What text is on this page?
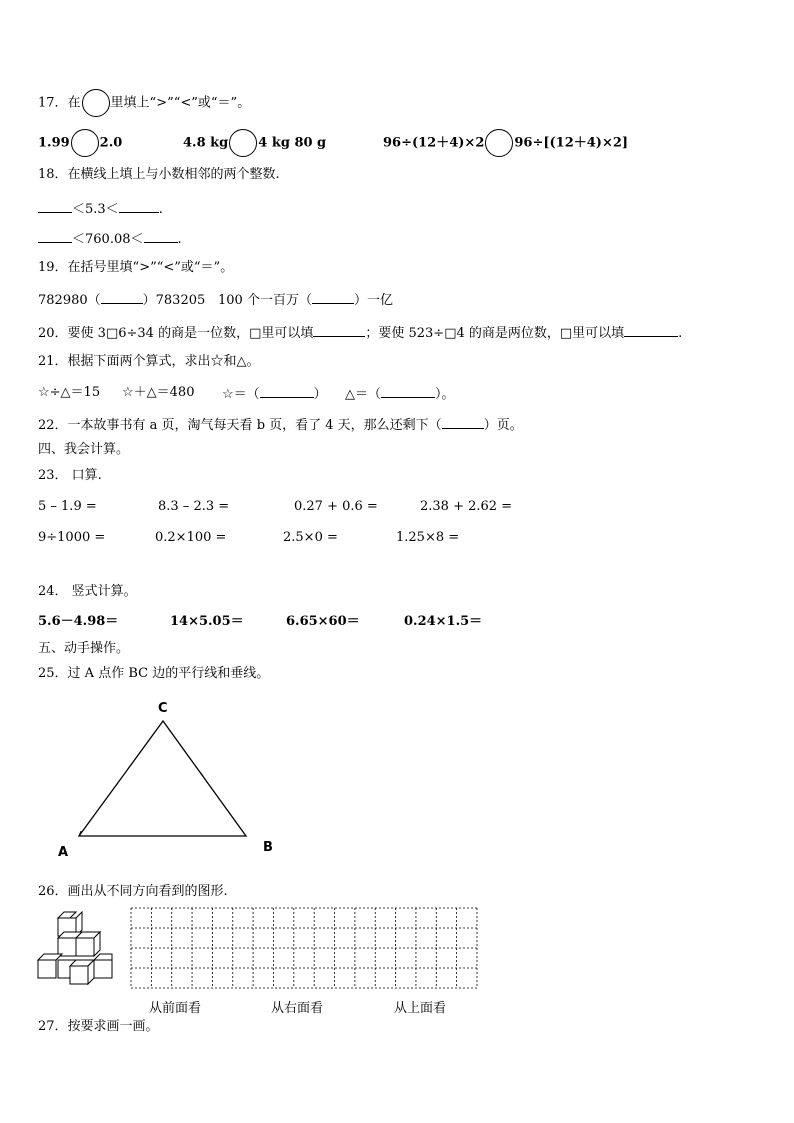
17．在 里填上“>”“<”或“＝”。
1.99 2.0	4.8 kg 4 kg 80 g	96÷(12＋4)×2 96÷[(12＋4)×2]
18．在横线上填上与小数相邻的两个整数.
＜5.3＜	.
＜760.08＜	.
19．在括号里填“>”“<”或“＝”。
782980（	）783205 100 个一百万（	）一亿
20．要使 3□6÷34 的商是一位数，□里可以填	；要使 523÷□4 的商是两位数，□里可以填	.
21．根据下面两个算式，求出☆和△。
☆÷△＝15 ☆＋△＝480 ☆＝（	） △＝（	）。
22．一本故事书有 a 页，淘气每天看 b 页，看了 4 天，那么还剩下（	）页。
四、我会计算。
23． 口算.
5 – 1.9 =	8.3 – 2.3 =	0.27 + 0.6 =	2.38 + 2.62 =
9÷1000 =	0.2×100 =	2.5×0 =	1.25×8 =
24． 竖式计算。
5.6－4.98＝	14×5.05＝	6.65×60＝	0.24×1.5＝
五、动手操作。
25．过 A 点作 BC 边的平行线和垂线。
C
A	B
26．画出从不同方向看到的图形.
从前面看	从右面看	从上面看
27．按要求画一画。
